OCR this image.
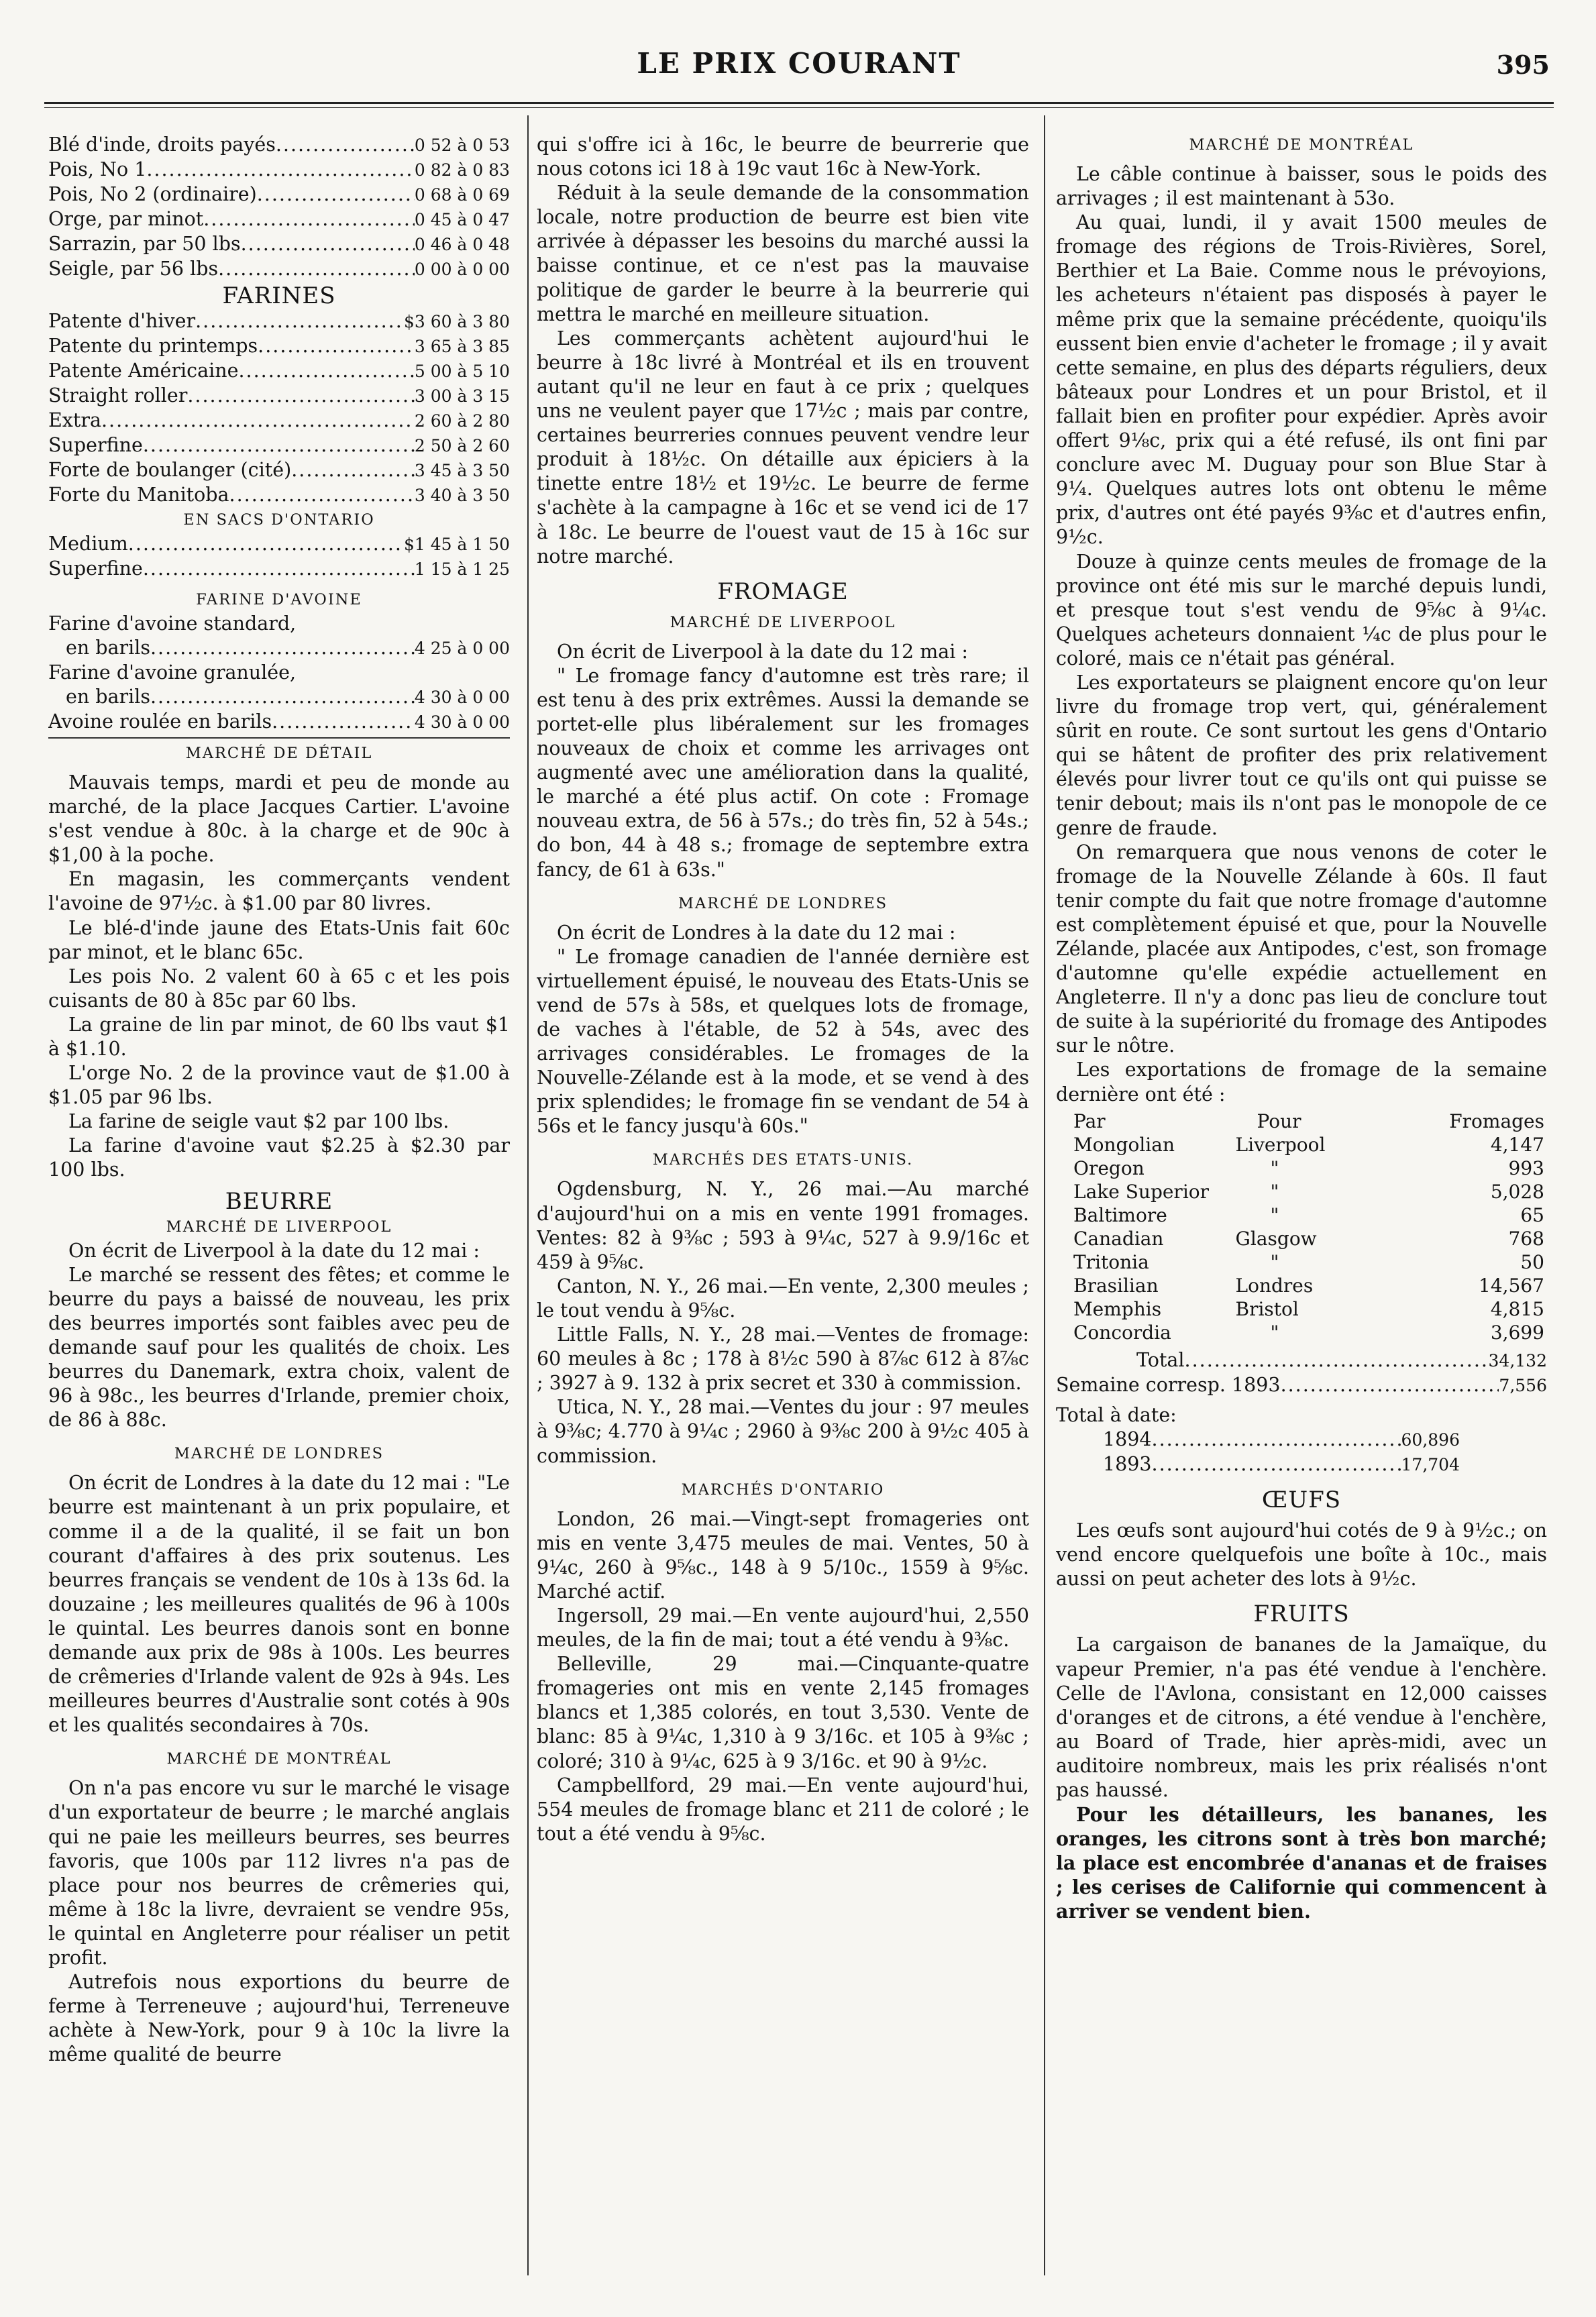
LE PRIX COURANT	395
Blé d'inde, droits payés .....	0 52 à 0 53
Pois, No 1 .....	0 82 à 0 83
Pois, No 2 (ordinaire) .....	0 68 à 0 69
Orge, par minot .....	0 45 à 0 47
Sarrazin, par 50 lbs .....	0 46 à 0 48
Seigle, par 56 lbs .....	0 00 à 0 00

FARINES

Patente d'hiver .....	$3 60 à 3 80
Patente du printemps .....	3 65 à 3 85
Patente Américaine .....	5 00 à 5 10
Straight roller .....	3 00 à 3 15
Extra .....	2 60 à 2 80
Superfine .....	2 50 à 2 60
Forte de boulanger (cité) .....	3 45 à 3 50
Forte du Manitoba .....	3 40 à 3 50

EN SACS D'ONTARIO

Medium .....	$1 45 à 1 50
Superfine .....	1 15 à 1 25

FARINE D'AVOINE

Farine d'avoine standard,

en barils .....	4 25 à 0 00

Farine d'avoine granulée,

en barils .....	4 30 à 0 00
Avoine roulée en barils .....	4 30 à 0 00

MARCHÉ DE DÉTAIL

Mauvais temps, mardi et peu de monde au marché, de la place Jacques Cartier. L'avoine s'est vendue à 80c. à la charge et de 90c à $1,00 à la poche.

En magasin, les commerçants vendent l'avoine de 97½c. à $1.00 par 80 livres.

Le blé-d'inde jaune des Etats-Unis fait 60c par minot, et le blanc 65c.

Les pois No. 2 valent 60 à 65 c et les pois cuisants de 80 à 85c par 60 lbs.

La graine de lin par minot, de 60 lbs vaut $1 à $1.10.

L'orge No. 2 de la province vaut de $1.00 à $1.05 par 96 lbs.

La farine de seigle vaut $2 par 100 lbs.

La farine d'avoine vaut $2.25 à $2.30 par 100 lbs.

BEURRE

MARCHÉ DE LIVERPOOL

On écrit de Liverpool à la date du 12 mai :

Le marché se ressent des fêtes; et comme le beurre du pays a baissé de nouveau, les prix des beurres importés sont faibles avec peu de demande sauf pour les qualités de choix. Les beurres du Danemark, extra choix, valent de 96 à 98c., les beurres d'Irlande, premier choix, de 86 à 88c.

MARCHÉ DE LONDRES

On écrit de Londres à la date du 12 mai : "Le beurre est maintenant à un prix populaire, et comme il a de la qualité, il se fait un bon courant d'affaires à des prix soutenus. Les beurres français se vendent de 10s à 13s 6d. la douzaine ; les meilleures qualités de 96 à 100s le quintal. Les beurres danois sont en bonne demande aux prix de 98s à 100s. Les beurres de crêmeries d'Irlande valent de 92s à 94s. Les meilleures beurres d'Australie sont cotés à 90s et les qualités secondaires à 70s.

MARCHÉ DE MONTRÉAL

On n'a pas encore vu sur le marché le visage d'un exportateur de beurre ; le marché anglais qui ne paie les meilleurs beurres, ses beurres favoris, que 100s par 112 livres n'a pas de place pour nos beurres de crêmeries qui, même à 18c la livre, devraient se vendre 95s, le quintal en Angleterre pour réaliser un petit profit.

Autrefois nous exportions du beurre de ferme à Terreneuve ; aujourd'hui, Terreneuve achète à New-York, pour 9 à 10c la livre la même qualité de beurre

qui s'offre ici à 16c, le beurre de beurrerie que nous cotons ici 18 à 19c vaut 16c à New-York.

Réduit à la seule demande de la consommation locale, notre production de beurre est bien vite arrivée à dépasser les besoins du marché aussi la baisse continue, et ce n'est pas la mauvaise politique de garder le beurre à la beurrerie qui mettra le marché en meilleure situation.

Les commerçants achètent aujourd'hui le beurre à 18c livré à Montréal et ils en trouvent autant qu'il ne leur en faut à ce prix ; quelques uns ne veulent payer que 17½c ; mais par contre, certaines beurreries connues peuvent vendre leur produit à 18½c. On détaille aux épiciers à la tinette entre 18½ et 19½c. Le beurre de ferme s'achète à la campagne à 16c et se vend ici de 17 à 18c. Le beurre de l'ouest vaut de 15 à 16c sur notre marché.

FROMAGE

MARCHÉ DE LIVERPOOL

On écrit de Liverpool à la date du 12 mai :

" Le fromage fancy d'automne est très rare; il est tenu à des prix extrêmes. Aussi la demande se portet-elle plus libéralement sur les fromages nouveaux de choix et comme les arrivages ont augmenté avec une amélioration dans la qualité, le marché a été plus actif. On cote : Fromage nouveau extra, de 56 à 57s.; do très fin, 52 à 54s.; do bon, 44 à 48 s.; fromage de septembre extra fancy, de 61 à 63s."

MARCHÉ DE LONDRES

On écrit de Londres à la date du 12 mai :

" Le fromage canadien de l'année dernière est virtuellement épuisé, le nouveau des Etats-Unis se vend de 57s à 58s, et quelques lots de fromage, de vaches à l'étable, de 52 à 54s, avec des arrivages considérables. Le fromages de la Nouvelle-Zélande est à la mode, et se vend à des prix splendides; le fromage fin se vendant de 54 à 56s et le fancy jusqu'à 60s."

MARCHÉS DES ETATS-UNIS.

Ogdensburg, N. Y., 26 mai.—Au marché d'aujourd'hui on a mis en vente 1991 fromages. Ventes: 82 à 9⅜c ; 593 à 9¼c, 527 à 9.9/16c et 459 à 9⅝c.

Canton, N. Y., 26 mai.—En vente, 2,300 meules ; le tout vendu à 9⅝c.

Little Falls, N. Y., 28 mai.—Ventes de fromage: 60 meules à 8c ; 178 à 8½c 590 à 8⅞c 612 à 8⅞c ; 3927 à 9. 132 à prix secret et 330 à commission.

Utica, N. Y., 28 mai.—Ventes du jour : 97 meules à 9⅜c; 4.770 à 9¼c ; 2960 à 9⅜c 200 à 9½c 405 à commission.

MARCHÉS D'ONTARIO

London, 26 mai.—Vingt-sept fromageries ont mis en vente 3,475 meules de mai. Ventes, 50 à 9¼c, 260 à 9⅝c., 148 à 9 5/10c., 1559 à 9⅝c. Marché actif.

Ingersoll, 29 mai.—En vente aujourd'hui, 2,550 meules, de la fin de mai; tout a été vendu à 9⅜c.

Belleville, 29 mai.—Cinquante-quatre fromageries ont mis en vente 2,145 fromages blancs et 1,385 colorés, en tout 3,530. Vente de blanc: 85 à 9¼c, 1,310 à 9 3/16c. et 105 à 9⅜c ; coloré; 310 à 9¼c, 625 à 9 3/16c. et 90 à 9½c.

Campbellford, 29 mai.—En vente aujourd'hui, 554 meules de fromage blanc et 211 de coloré ; le tout a été vendu à 9⅝c.

MARCHÉ DE MONTRÉAL

Le câble continue à baisser, sous le poids des arrivages ; il est maintenant à 53o.

Au quai, lundi, il y avait 1500 meules de fromage des régions de Trois-Rivières, Sorel, Berthier et La Baie. Comme nous le prévoyions, les acheteurs n'étaient pas disposés à payer le même prix que la semaine précédente, quoiqu'ils eussent bien envie d'acheter le fromage ; il y avait cette semaine, en plus des départs réguliers, deux bâteaux pour Londres et un pour Bristol, et il fallait bien en profiter pour expédier. Après avoir offert 9⅛c, prix qui a été refusé, ils ont fini par conclure avec M. Duguay pour son Blue Star à 9¼. Quelques autres lots ont obtenu le même prix, d'autres ont été payés 9⅜c et d'autres enfin, 9½c.

Douze à quinze cents meules de fromage de la province ont été mis sur le marché depuis lundi, et presque tout s'est vendu de 9⅝c à 9¼c. Quelques acheteurs donnaient ¼c de plus pour le coloré, mais ce n'était pas général.

Les exportateurs se plaignent encore qu'on leur livre du fromage trop vert, qui, généralement sûrit en route. Ce sont surtout les gens d'Ontario qui se hâtent de profiter des prix relativement élevés pour livrer tout ce qu'ils ont qui puisse se tenir debout; mais ils n'ont pas le monopole de ce genre de fraude.

On remarquera que nous venons de coter le fromage de la Nouvelle Zélande à 60s. Il faut tenir compte du fait que notre fromage d'automne est complètement épuisé et que, pour la Nouvelle Zélande, placée aux Antipodes, c'est, son fromage d'automne qu'elle expédie actuellement en Angleterre. Il n'y a donc pas lieu de conclure tout de suite à la supériorité du fromage des Antipodes sur le nôtre.

Les exportations de fromage de la semaine dernière ont été :

Par	Pour	Fromages
Mongolian	Liverpool	4,147
Oregon	"	993
Lake Superior	"	5,028
Baltimore	"	65
Canadian	Glasgow	768
Tritonia	"	50
Brasilian	Londres	14,567
Memphis	Bristol	4,815
Concordia	"	3,699
Total .....	34,132
Semaine corresp. 1893 .....	7,556

Total à date:

1894 .....	60,896
1893 .....	17,704

ŒUFS

Les œufs sont aujourd'hui cotés de 9 à 9½c.; on vend encore quelquefois une boîte à 10c., mais aussi on peut acheter des lots à 9½c.

FRUITS

La cargaison de bananes de la Jamaïque, du vapeur Premier, n'a pas été vendue à l'enchère. Celle de l'Avlona, consistant en 12,000 caisses d'oranges et de citrons, a été vendue à l'enchère, au Board of Trade, hier après-midi, avec un auditoire nombreux, mais les prix réalisés n'ont pas haussé.

Pour les détailleurs, les bananes, les oranges, les citrons sont à très bon marché; la place est encombrée d'ananas et de fraises ; les cerises de Californie qui commencent à arriver se vendent bien.
